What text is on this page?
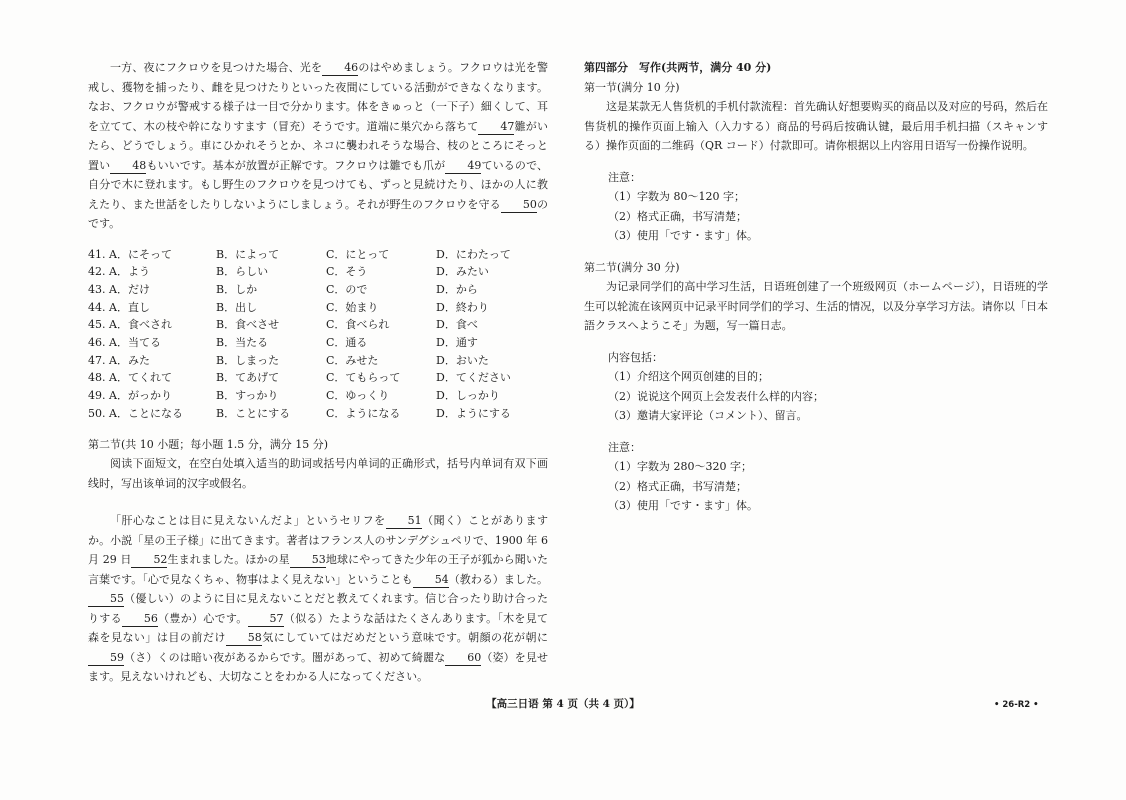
一方、夜にフクロウを見つけた場合、光を 46のはやめましょう。フクロウは光を警戒し、獲物を捕ったり、雌を見つけたりといった夜間にしている活動ができなくなります。なお、フクロウが警戒する様子は一目で分かります。体をきゅっと（一下子）細くして、耳を立てて、木の枝や幹になりすます（冒充）そうです。道端に巣穴から落ちて 47雛がいたら、どうでしょう。車にひかれそうとか、ネコに襲われそうな場合、枝のところにそっと置い 48もいいです。基本が放置が正解です。フクロウは雛でも爪が 49ているので、自分で木に登れます。もし野生のフクロウを見つけても、ずっと見続けたり、ほかの人に教えたり、また世話をしたりしないようにしましょう。それが野生のフクロウを守る 50のです。

41. A．にそって	B．によって	C．にとって	D．にわたって
42. A．よう	B．らしい	C．そう	D．みたい
43. A．だけ	B．しか	C．ので	D．から
44. A．直し	B．出し	C．始まり	D．終わり
45. A．食べされ	B．食べさせ	C．食べられ	D．食べ
46. A．当てる	B．当たる	C．通る	D．通す
47. A．みた	B．しまった	C．みせた	D．おいた
48. A．てくれて	B．てあげて	C．てもらって	D．てください
49. A．がっかり	B．すっかり	C．ゆっくり	D．しっかり
50. A．ことになる	B．ことにする	C．ようになる	D．ようにする
第二节(共 10 小题；每小题 1.5 分，满分 15 分)

阅读下面短文，在空白处填入适当的助词或括号内单词的正确形式，括号内单词有双下画线时，写出该单词的汉字或假名。

「肝心なことは目に見えないんだよ」というセリフを 51（聞く）ことがありますか。小説「星の王子様」に出てきます。著者はフランス人のサンデグシュペリで、1900 年 6 月 29 日 52生まれました。ほかの星 53地球にやってきた少年の王子が狐から聞いた言葉です。「心で見なくちゃ、物事はよく見えない」ということも 54（教わる）ました。55（優しい）のように目に見えないことだと教えてくれます。信じ合ったり助け合ったりする 56（豊か）心です。 57（似る）たような話はたくさんあります。「木を見て森を見ない」は目の前だけ 58気にしていてはだめだという意味です。朝顔の花が朝に59（さ）くのは暗い夜があるからです。闇があって、初めて綺麗な 60（姿）を見せます。見えないけれども、大切なことをわかる人になってください。

第四部分　写作(共两节，满分 40 分)
第一节(满分 10 分)

这是某款无人售货机的手机付款流程：首先确认好想要购买的商品以及对应的号码，然后在售货机的操作页面上输入（入力する）商品的号码后按确认键，最后用手机扫描（スキャンする）操作页面的二维码（QR コード）付款即可。请你根据以上内容用日语写一份操作说明。

注意：
（1）字数为 80～120 字；
（2）格式正确，书写清楚；
（3）使用「です・ます」体。
第二节(满分 30 分)

为记录同学们的高中学习生活，日语班创建了一个班级网页（ホームページ），日语班的学生可以轮流在该网页中记录平时同学们的学习、生活的情况，以及分享学习方法。请你以「日本語クラスへようこそ」为题，写一篇日志。

内容包括：
（1）介绍这个网页创建的目的；
（2）说说这个网页上会发表什么样的内容；
（3）邀请大家评论（コメント）、留言。
注意：
（1）字数为 280～320 字；
（2）格式正确，书写清楚；
（3）使用「です・ます」体。
【高三日语 第 4 页（共 4 页）】	• 26-R2 •
